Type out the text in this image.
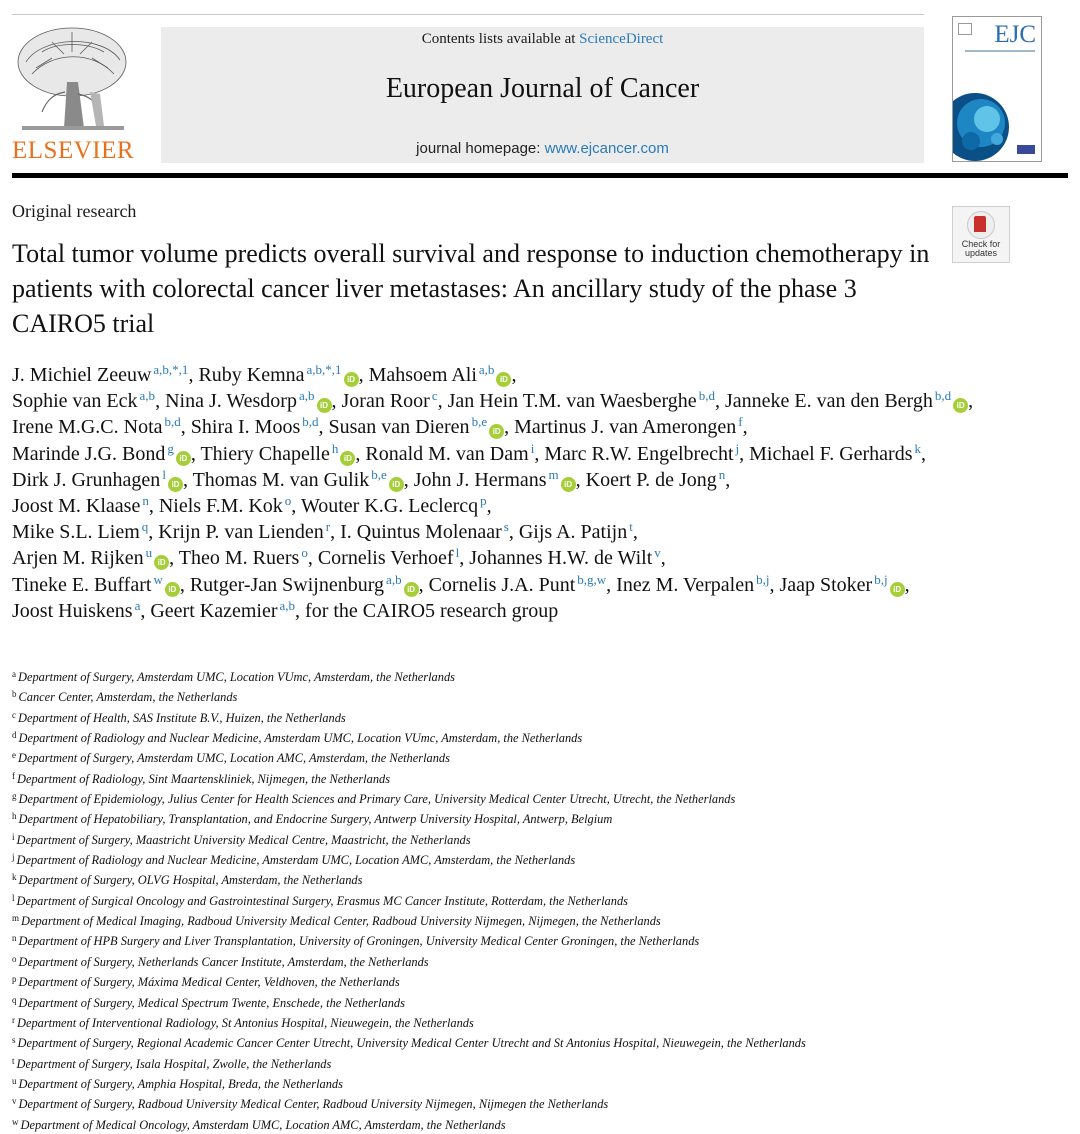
ELSEVIER
Contents lists available at ScienceDirect
European Journal of Cancer
journal homepage: www.ejcancer.com
EJC
Original research
Total tumor volume predicts overall survival and response to induction chemotherapy in patients with colorectal cancer liver metastases: An ancillary study of the phase 3 CAIRO5 trial
Check for
updates
J. Michiel Zeeuw $^{a,b,*,1}$, Ruby Kemna $^{a,b,*,1}$iD , Mahsoem Ali $^{a,b}$iD ,
Sophie van Eck $^{a,b}$, Nina J. Wesdorp $^{a,b}$iD , Joran Roor $^c$, Jan Hein T.M. van Waesberghe $^{b,d}$, Janneke E. van den Bergh $^{b,d}$iD ,
Irene M.G.C. Nota $^{b,d}$, Shira I. Moos $^{b,d}$, Susan van Dieren $^{b,e}$iD , Martinus J. van Amerongen $^f$,
Marinde J.G. Bond $^g$iD , Thiery Chapelle $^h$iD , Ronald M. van Dam $^i$, Marc R.W. Engelbrecht $^j$, Michael F. Gerhards $^k$,
Dirk J. Grunhagen $^l$iD , Thomas M. van Gulik $^{b,e}$iD , John J. Hermans $^m$iD , Koert P. de Jong $^n$,
Joost M. Klaase $^n$, Niels F.M. Kok $^o$, Wouter K.G. Leclercq $^p$,
Mike S.L. Liem $^q$, Krijn P. van Lienden $^r$, I. Quintus Molenaar $^s$, Gijs A. Patijn $^t$,
Arjen M. Rijken $^u$iD , Theo M. Ruers $^o$, Cornelis Verhoef $^l$, Johannes H.W. de Wilt $^v$,
Tineke E. Buffart $^w$iD , Rutger-Jan Swijnenburg $^{a,b}$iD , Cornelis J.A. Punt $^{b,g,w}$, Inez M. Verpalen $^{b,j}$, Jaap Stoker $^{b,j}$iD ,
Joost Huiskens $^a$, Geert Kazemier $^{a,b}$, for the CAIRO5 research group
$^a$ Department of Surgery, Amsterdam UMC, Location VUmc, Amsterdam, the Netherlands
$^b$ Cancer Center, Amsterdam, the Netherlands
$^c$ Department of Health, SAS Institute B.V., Huizen, the Netherlands
$^d$ Department of Radiology and Nuclear Medicine, Amsterdam UMC, Location VUmc, Amsterdam, the Netherlands
$^e$ Department of Surgery, Amsterdam UMC, Location AMC, Amsterdam, the Netherlands
$^f$ Department of Radiology, Sint Maartenskliniek, Nijmegen, the Netherlands
$^g$ Department of Epidemiology, Julius Center for Health Sciences and Primary Care, University Medical Center Utrecht, Utrecht, the Netherlands
$^h$ Department of Hepatobiliary, Transplantation, and Endocrine Surgery, Antwerp University Hospital, Antwerp, Belgium
$^i$ Department of Surgery, Maastricht University Medical Centre, Maastricht, the Netherlands
$^j$ Department of Radiology and Nuclear Medicine, Amsterdam UMC, Location AMC, Amsterdam, the Netherlands
$^k$ Department of Surgery, OLVG Hospital, Amsterdam, the Netherlands
$^l$ Department of Surgical Oncology and Gastrointestinal Surgery, Erasmus MC Cancer Institute, Rotterdam, the Netherlands
$^m$ Department of Medical Imaging, Radboud University Medical Center, Radboud University Nijmegen, Nijmegen, the Netherlands
$^n$ Department of HPB Surgery and Liver Transplantation, University of Groningen, University Medical Center Groningen, the Netherlands
$^o$ Department of Surgery, Netherlands Cancer Institute, Amsterdam, the Netherlands
$^p$ Department of Surgery, Máxima Medical Center, Veldhoven, the Netherlands
$^q$ Department of Surgery, Medical Spectrum Twente, Enschede, the Netherlands
$^r$ Department of Interventional Radiology, St Antonius Hospital, Nieuwegein, the Netherlands
$^s$ Department of Surgery, Regional Academic Cancer Center Utrecht, University Medical Center Utrecht and St Antonius Hospital, Nieuwegein, the Netherlands
$^t$ Department of Surgery, Isala Hospital, Zwolle, the Netherlands
$^u$ Department of Surgery, Amphia Hospital, Breda, the Netherlands
$^v$ Department of Surgery, Radboud University Medical Center, Radboud University Nijmegen, Nijmegen the Netherlands
$^w$ Department of Medical Oncology, Amsterdam UMC, Location AMC, Amsterdam, the Netherlands
